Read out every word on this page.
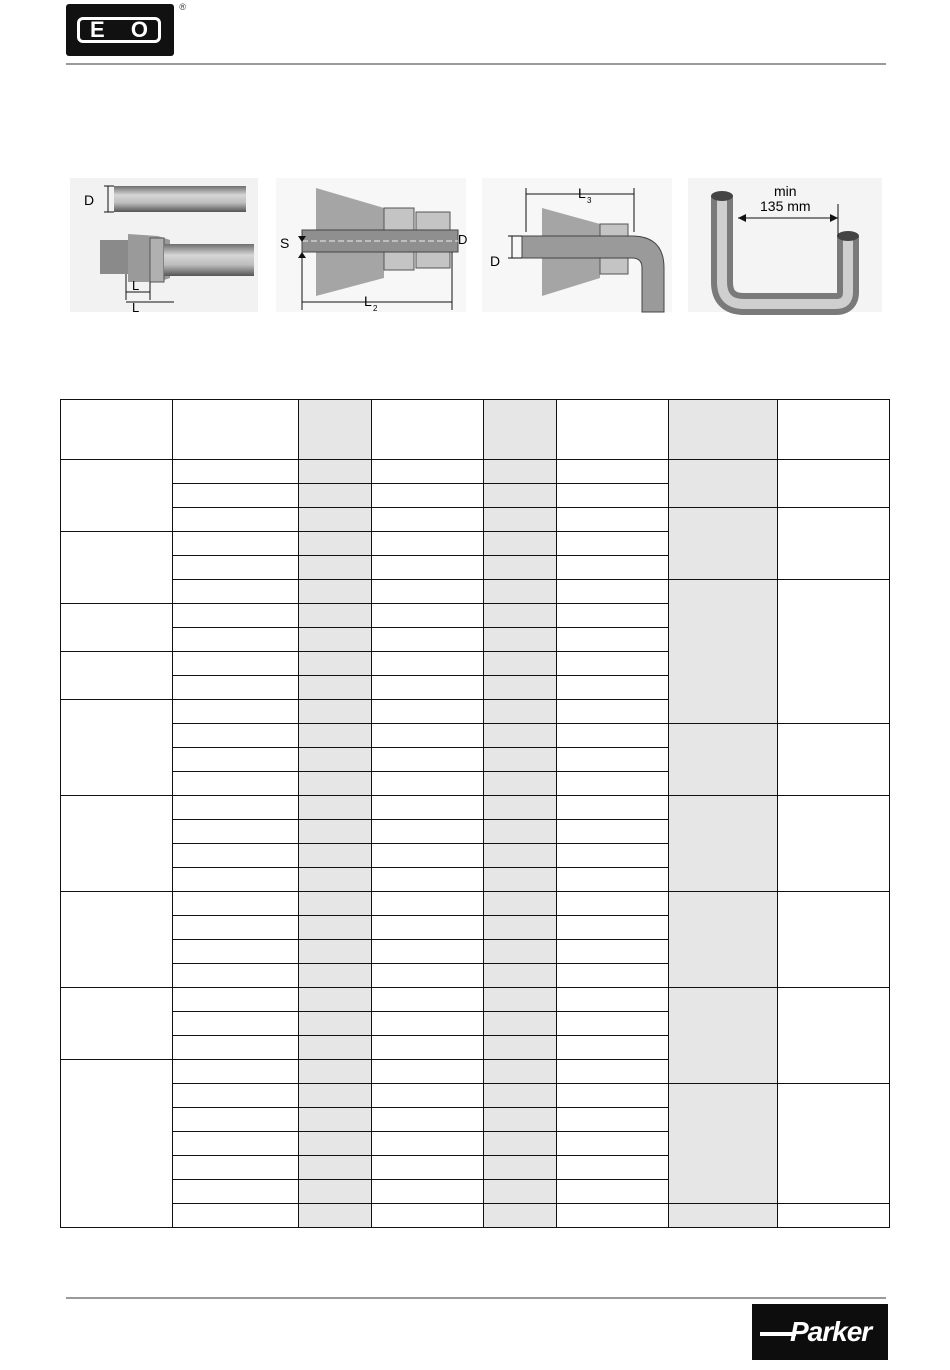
E O
®
D
L
L
S	D
L 2
L 3
D
min
135 mm

Parker
